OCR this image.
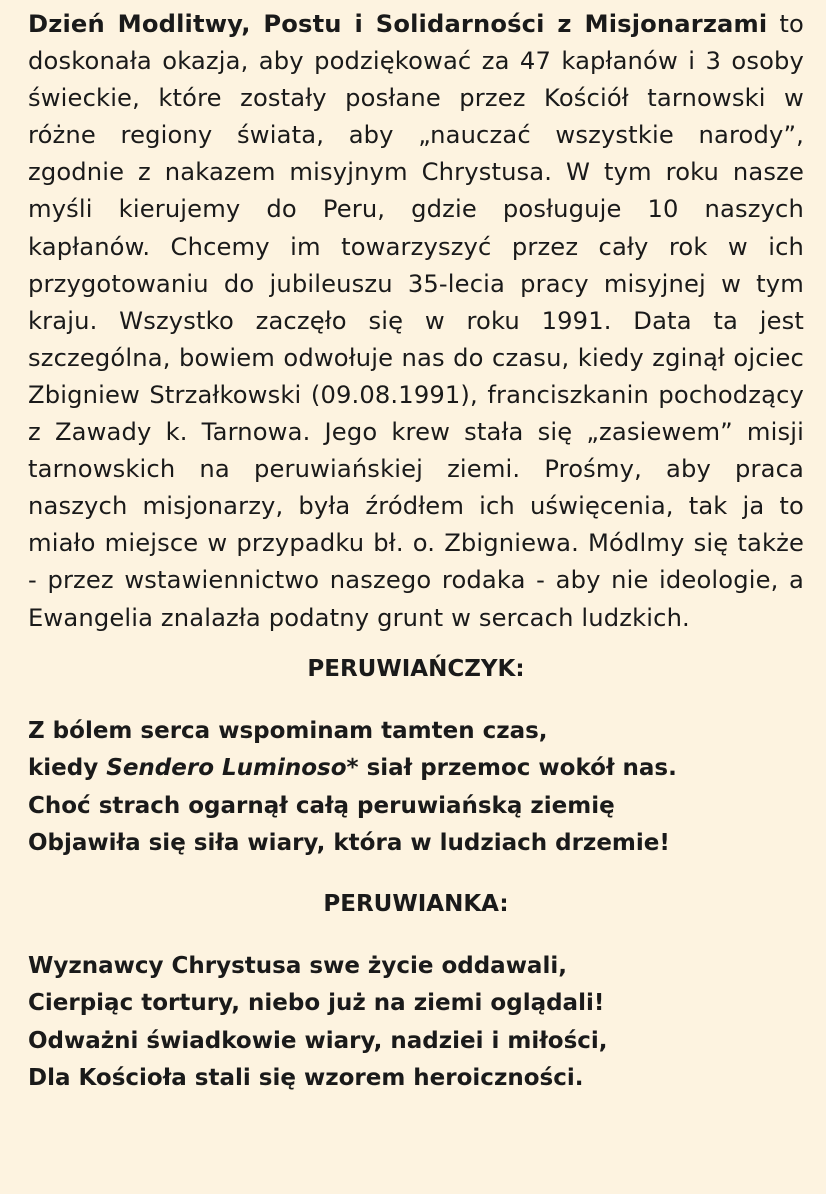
Dzień Modlitwy, Postu i Solidarności z Misjonarzami to doskonała okazja, aby podziękować za 47 kapłanów i 3 osoby świeckie, które zostały posłane przez Kościół tarnowski w różne regiony świata, aby „nauczać wszystkie narody”, zgodnie z nakazem misyjnym Chrystusa. W tym roku nasze myśli kierujemy do Peru, gdzie posługuje 10 naszych kapłanów. Chcemy im towarzyszyć przez cały rok w ich przygotowaniu do jubileuszu 35-lecia pracy misyjnej w tym kraju. Wszystko zaczęło się w roku 1991. Data ta jest szczególna, bowiem odwołuje nas do czasu, kiedy zginął ojciec Zbigniew Strzałkowski (09.08.1991), franciszkanin pochodzący z Zawady k. Tarnowa. Jego krew stała się „zasiewem” misji tarnowskich na peruwiańskiej ziemi. Prośmy, aby praca naszych misjonarzy, była źródłem ich uświęcenia, tak ja to miało miejsce w przypadku bł. o. Zbigniewa. Módlmy się także - przez wstawiennictwo naszego rodaka - aby nie ideologie, a Ewangelia znalazła podatny grunt w sercach ludzkich.

PERUWIAŃCZYK:
Z bólem serca wspominam tamten czas,
kiedy Sendero Luminoso* siał przemoc wokół nas.
Choć strach ogarnął całą peruwiańską ziemię
Objawiła się siła wiary, która w ludziach drzemie!
PERUWIANKA:
Wyznawcy Chrystusa swe życie oddawali,
Cierpiąc tortury, niebo już na ziemi oglądali!
Odważni świadkowie wiary, nadziei i miłości,
Dla Kościoła stali się wzorem heroiczności.
